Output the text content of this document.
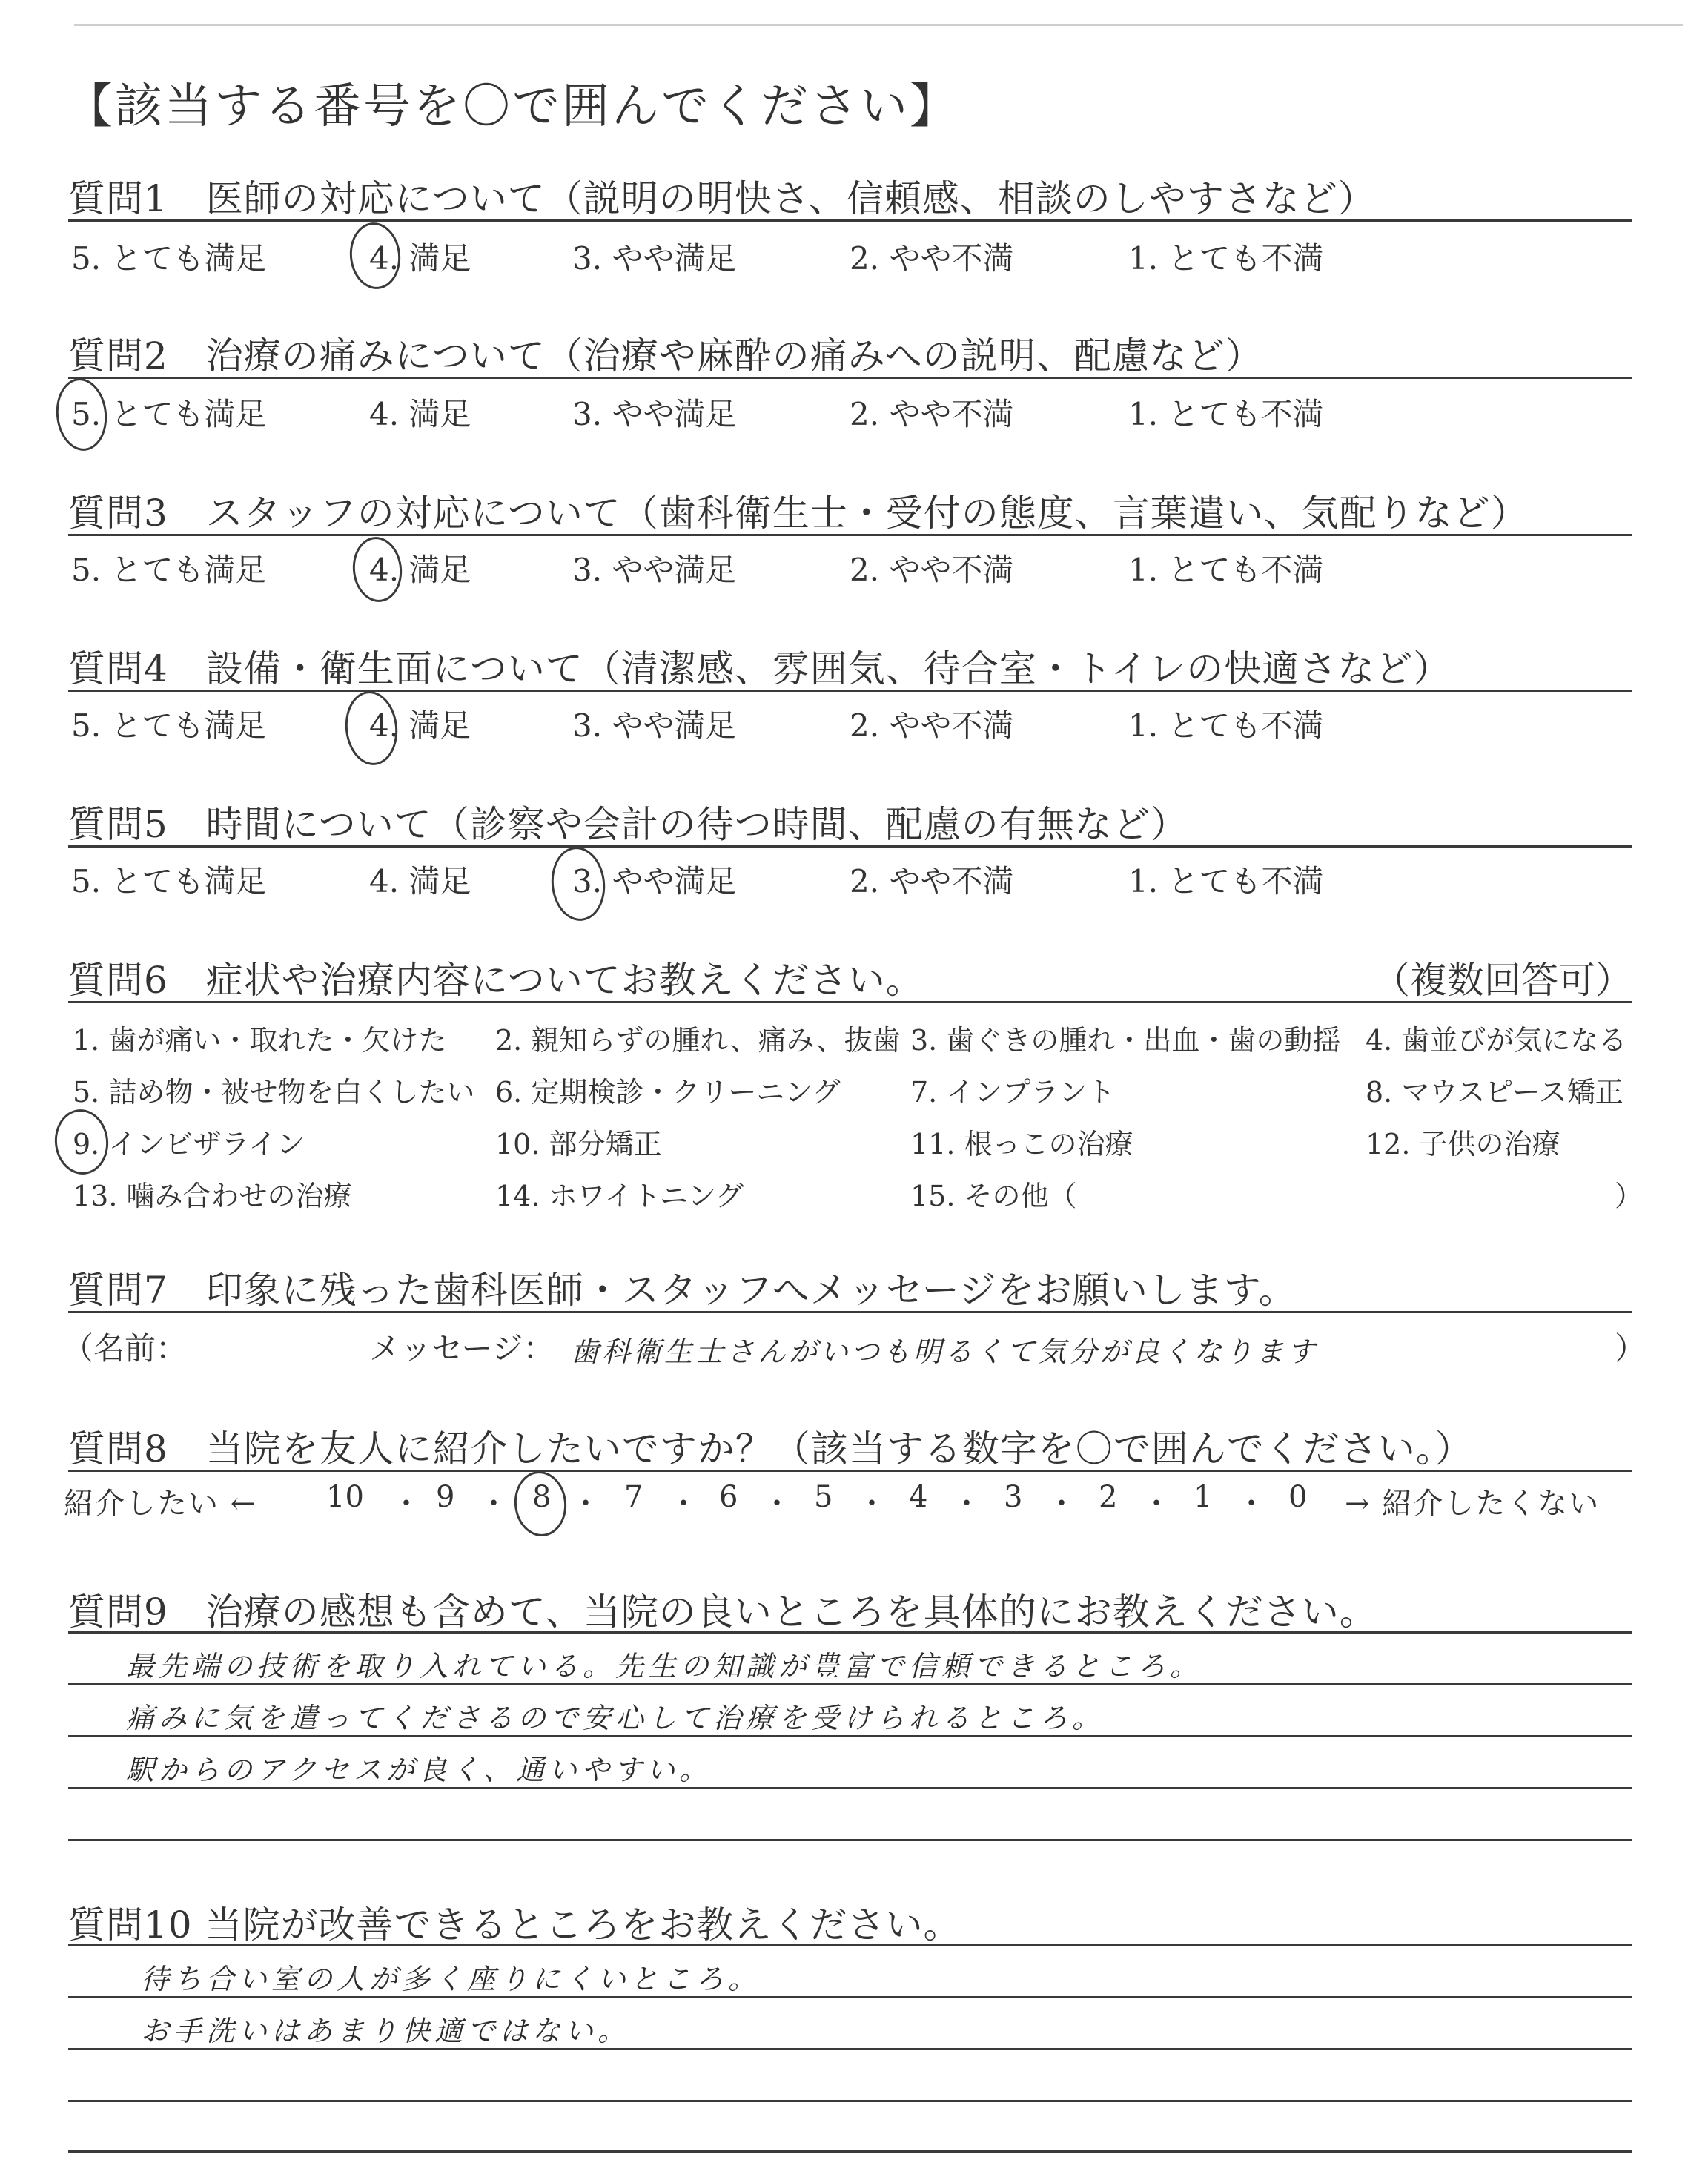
【該当する番号を〇で囲んでください】
質問1　医師の対応について（説明の明快さ、信頼感、相談のしやすさなど）
5. とても満足	4. 満足	3. やや満足	2. やや不満	1. とても不満
質問2　治療の痛みについて（治療や麻酔の痛みへの説明、配慮など）
5. とても満足	4. 満足	3. やや満足	2. やや不満	1. とても不満
質問3　スタッフの対応について（歯科衛生士・受付の態度、言葉遣い、気配りなど）
5. とても満足	4. 満足	3. やや満足	2. やや不満	1. とても不満
質問4　設備・衛生面について（清潔感、雰囲気、待合室・トイレの快適さなど）
5. とても満足	4. 満足	3. やや満足	2. やや不満	1. とても不満
質問5　時間について（診察や会計の待つ時間、配慮の有無など）
5. とても満足	4. 満足	3. やや満足	2. やや不満	1. とても不満
質問6　症状や治療内容についてお教えください。	（複数回答可）
1. 歯が痛い・取れた・欠けた 2. 親知らずの腫れ、痛み、抜歯 3. 歯ぐきの腫れ・出血・歯の動揺 4. 歯並びが気になる
5. 詰め物・被せ物を白くしたい 6. 定期検診・クリーニング 7. インプラント	8. マウスピース矯正
9. インビザライン	10. 部分矯正	11. 根っこの治療	12. 子供の治療
13. 噛み合わせの治療	14. ホワイトニング	15. その他（	）
質問7　印象に残った歯科医師・スタッフへメッセージをお願いします。
（名前：	メッセージ： 歯科衛生士さんがいつも明るくて気分が良くなります	）
質問8　当院を友人に紹介したいですか？（該当する数字を〇で囲んでください。）
紹介したい ←	→ 紹介したくない
10 ・ 9 ・ 8 ・ 7 ・ 6 ・ 5 ・ 4 ・ 3 ・ 2 ・ 1 ・ 0
質問9　治療の感想も含めて、当院の良いところを具体的にお教えください。
最先端の技術を取り入れている。先生の知識が豊富で信頼できるところ。
痛みに気を遣ってくださるので安心して治療を受けられるところ。
駅からのアクセスが良く、通いやすい。
質問10 当院が改善できるところをお教えください。
待ち合い室の人が多く座りにくいところ。
お手洗いはあまり快適ではない。
